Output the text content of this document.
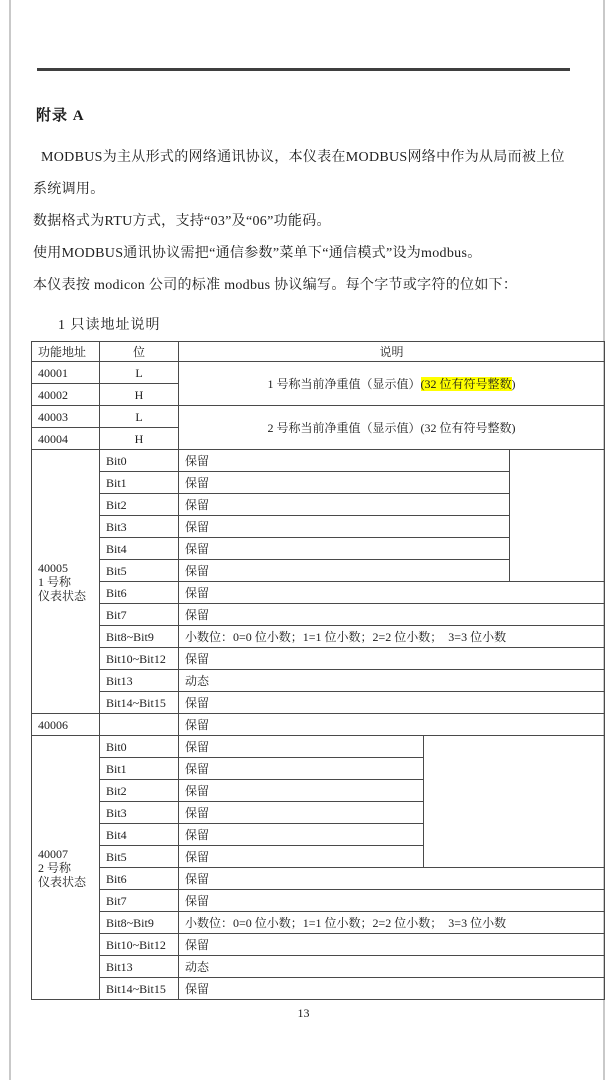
附录 A
MODBUS为主从形式的网络通讯协议，本仪表在MODBUS网络中作为从局而被上位
系统调用。
数据格式为RTU方式，支持“03”及“06”功能码。
使用MODBUS通讯协议需把“通信参数”菜单下“通信模式”设为modbus。
本仪表按 modicon 公司的标准 modbus 协议编写。每个字节或字符的位如下：
1 只读地址说明
功能地址	位	说明		
40001	L	1 号称当前净重值（显示值）(32 位有符号整数)		
40002	H			
40003	L	2 号称当前净重值（显示值）(32 位有符号整数)		
40004	H			

40005
1 号称
仪表状态	Bit0	保留		
	Bit1	保留		
	Bit2	保留		
	Bit3	保留		
	Bit4	保留		
	Bit5	保留		
	Bit6	保留		
	Bit7	保留		
	Bit8~Bit9	小数位：0=0 位小数；1=1 位小数；2=2 位小数；　3=3 位小数		
	Bit10~Bit12	保留		
	Bit13	动态		
	Bit14~Bit15	保留		
40006		保留		

40007
2 号称
仪表状态	Bit0	保留		
	Bit1	保留		
	Bit2	保留		
	Bit3	保留		
	Bit4	保留		
	Bit5	保留		
	Bit6	保留		
	Bit7	保留		
	Bit8~Bit9	小数位：0=0 位小数；1=1 位小数；2=2 位小数；　3=3 位小数		
	Bit10~Bit12	保留		
	Bit13	动态		
	Bit14~Bit15	保留		
13
